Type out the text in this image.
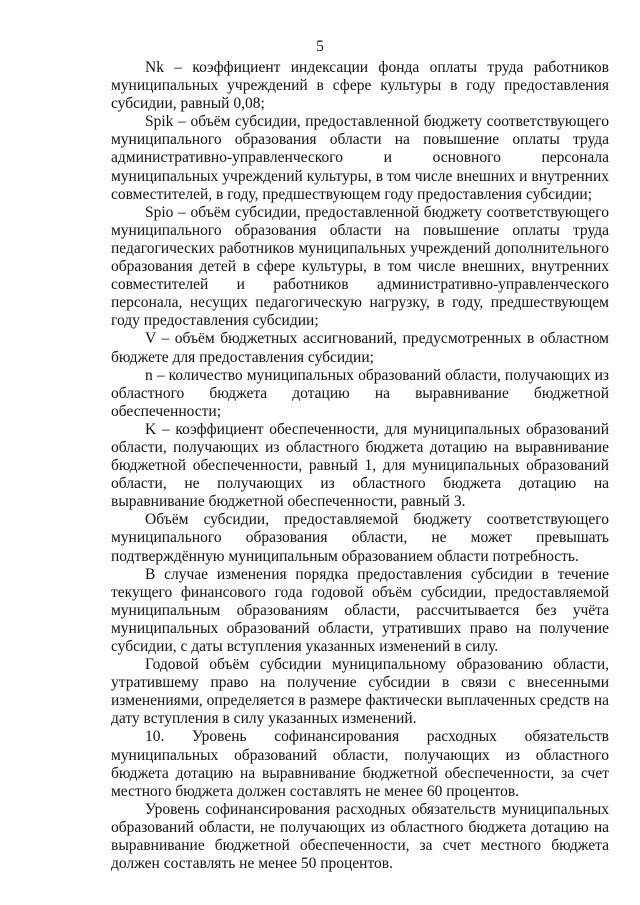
5

Nk – коэффициент индексации фонда оплаты труда работников муниципальных учреждений в сфере культуры в году предоставления субсидии, равный 0,08;

Spik – объём субсидии, предоставленной бюджету соответствующего муниципального образования области на повышение оплаты труда административно-управленческого и основного персонала муниципальных учреждений культуры, в том числе внешних и внутренних совместителей, в году, предшествующем году предоставления субсидии;

Spio – объём субсидии, предоставленной бюджету соответствующего муниципального образования области на повышение оплаты труда педагогических работников муниципальных учреждений дополнительного образования детей в сфере культуры, в том числе внешних, внутренних совместителей и работников административно-управленческого персонала, несущих педагогическую нагрузку, в году, предшествующем году предоставления субсидии;

V – объём бюджетных ассигнований, предусмотренных в областном бюджете для предоставления субсидии;

n – количество муниципальных образований области, получающих из областного бюджета дотацию на выравнивание бюджетной обеспеченности;

K – коэффициент обеспеченности, для муниципальных образований области, получающих из областного бюджета дотацию на выравнивание бюджетной обеспеченности, равный 1, для муниципальных образований области, не получающих из областного бюджета дотацию на выравнивание бюджетной обеспеченности, равный 3.

Объём субсидии, предоставляемой бюджету соответствующего муниципального образования области, не может превышать подтверждённую муниципальным образованием области потребность.

В случае изменения порядка предоставления субсидии в течение текущего финансового года годовой объём субсидии, предоставляемой муниципальным образованиям области, рассчитывается без учёта муниципальных образований области, утративших право на получение субсидии, с даты вступления указанных изменений в силу.

Годовой объём субсидии муниципальному образованию области, утратившему право на получение субсидии в связи с внесенными изменениями, определяется в размере фактически выплаченных средств на дату вступления в силу указанных изменений.

10. Уровень софинансирования расходных обязательств муниципальных образований области, получающих из областного бюджета дотацию на выравнивание бюджетной обеспеченности, за счет местного бюджета должен составлять не менее 60 процентов.

Уровень софинансирования расходных обязательств муниципальных образований области, не получающих из областного бюджета дотацию на выравнивание бюджетной обеспеченности, за счет местного бюджета должен составлять не менее 50 процентов.
